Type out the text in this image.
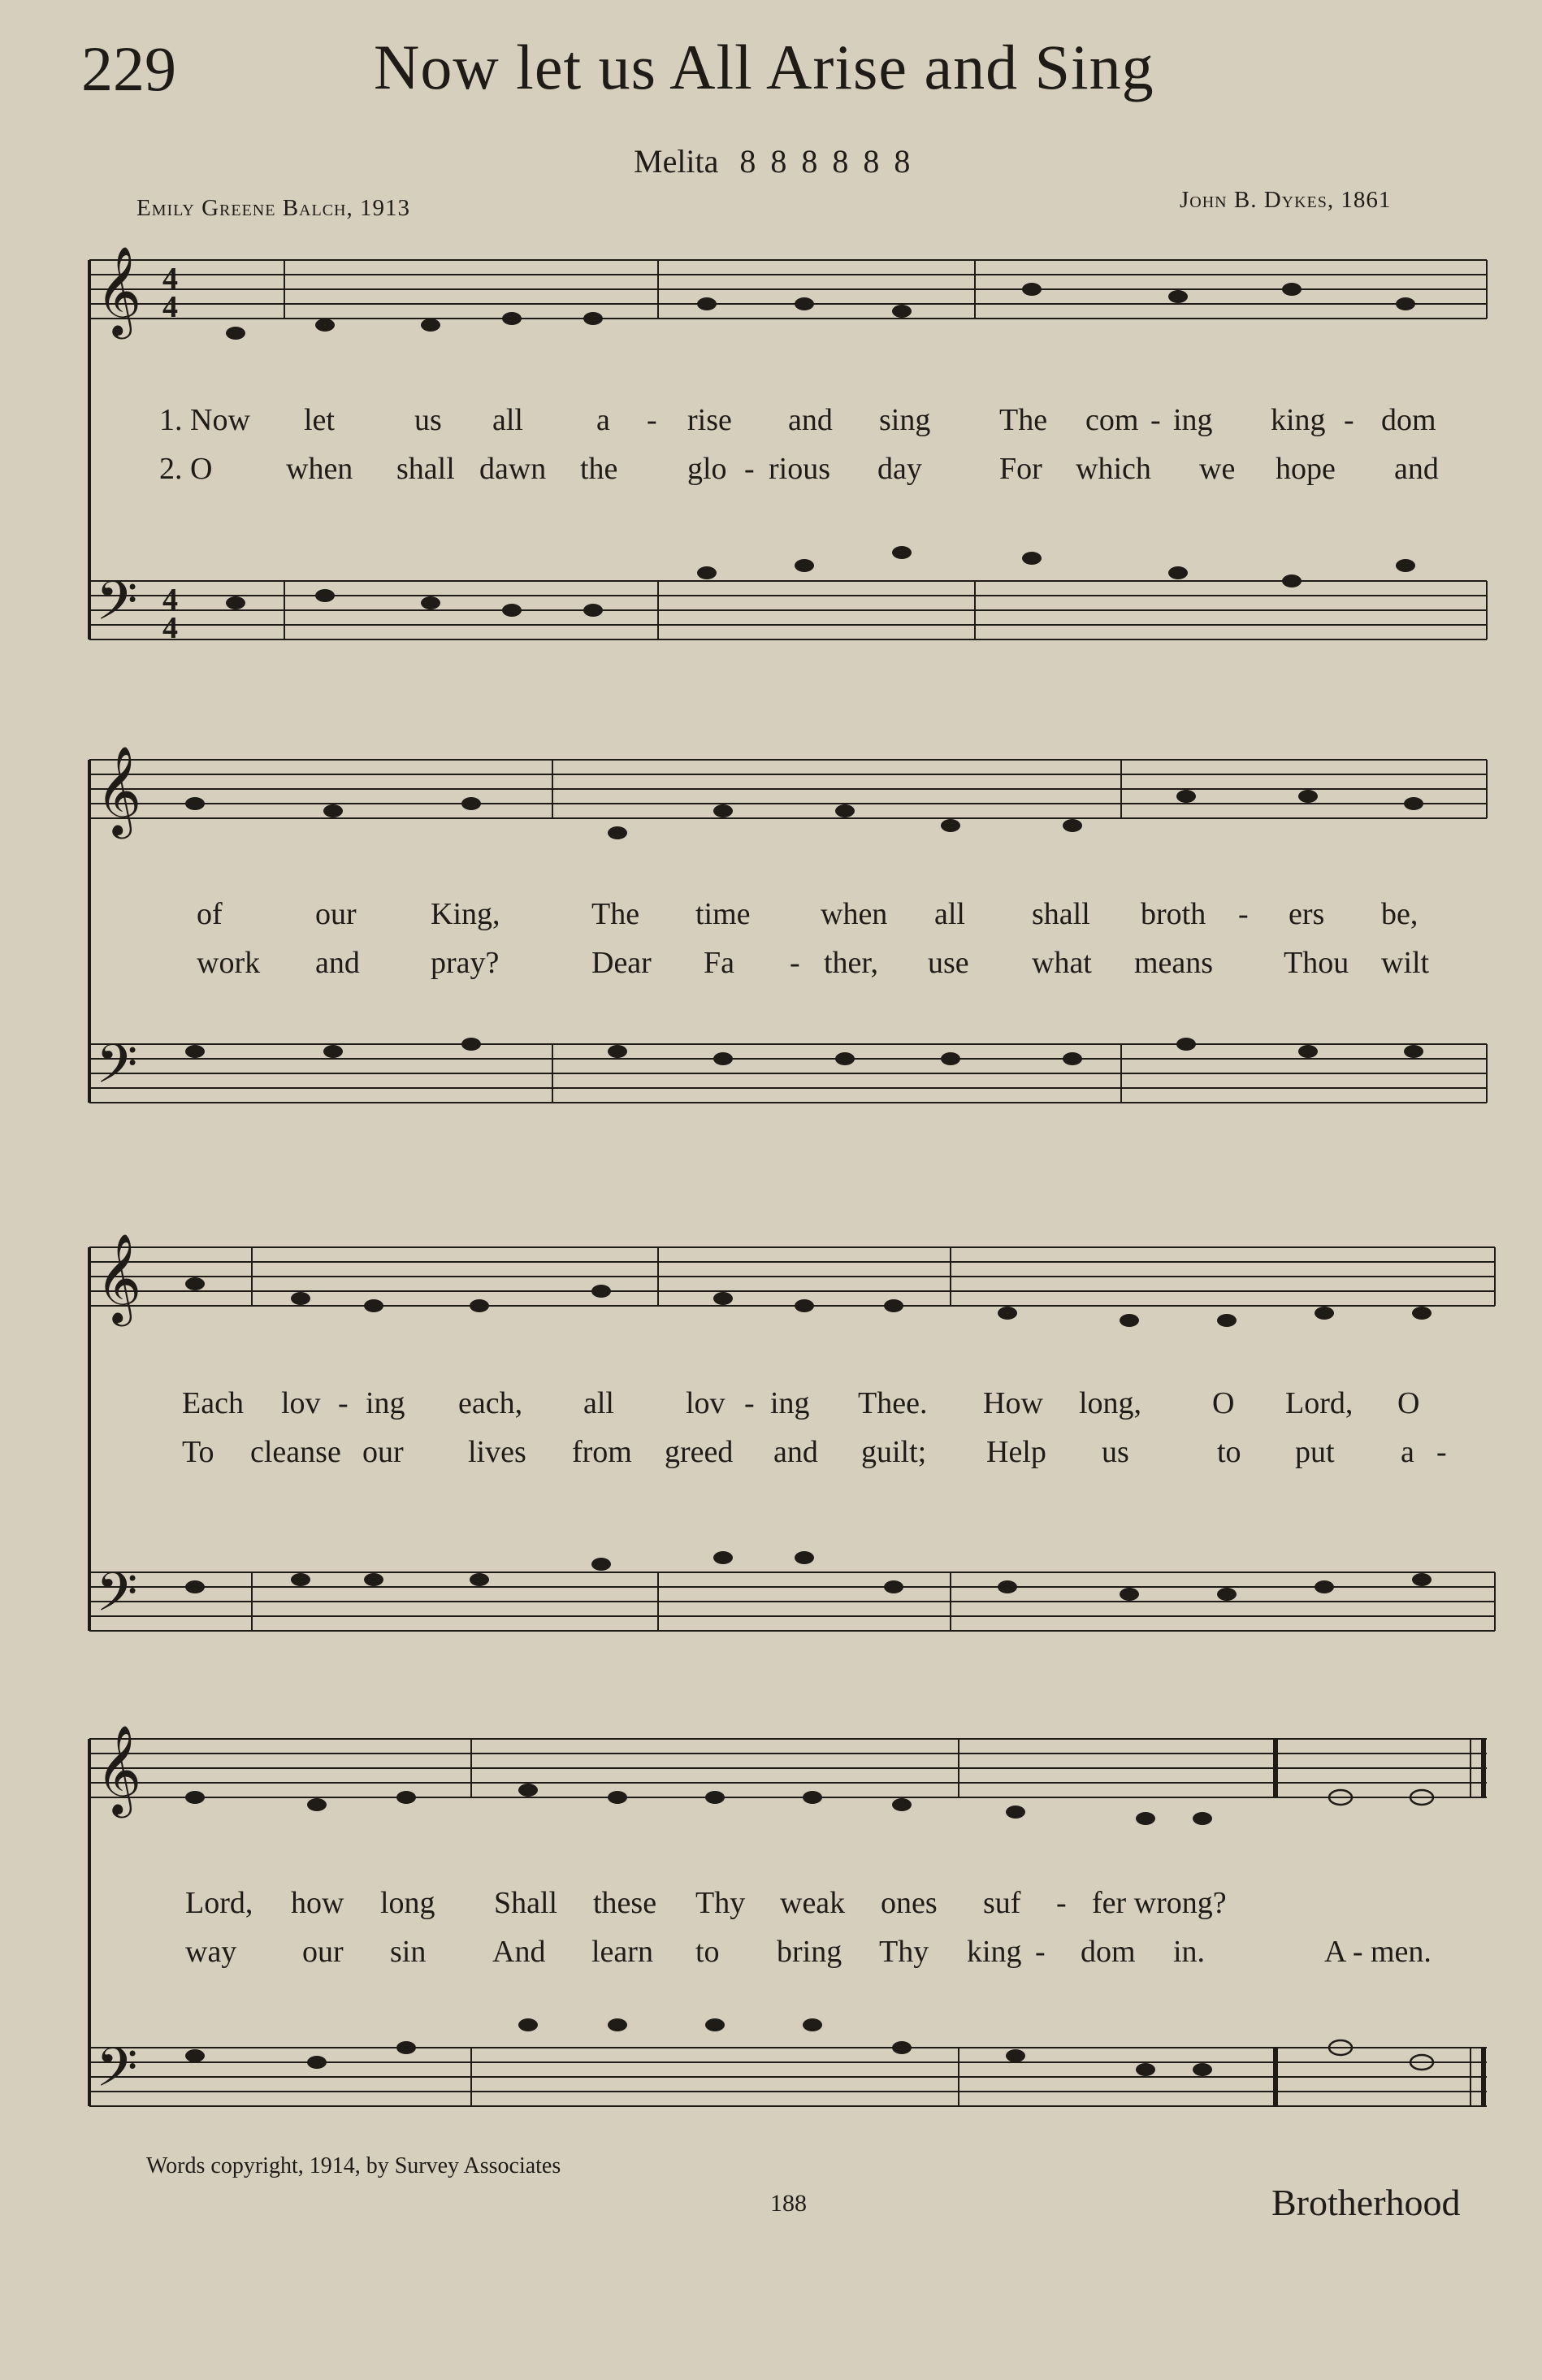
229	Now let us All Arise and Sing
Melita 8 8 8 8 8 8
Emily Greene Balch, 1913	John B. Dykes, 1861
𝄞
𝄢
4
4
4
4
1. Now let	us all a - rise and sing The com - ing king - dom
2. O when shall dawn the glo - rious day	For which we hope and
𝄞
𝄢
of	our King,	The time when all shall broth - ers be,
work and pray?	Dear Fa - ther, use what means Thou wilt
𝄞
𝄢
Each lov - ing each, all lov - ing Thee. How long, O Lord, O
To cleanse our lives from greed and guilt; Help us	to put a -
𝄞
𝄢
Lord, how long Shall these Thy weak ones suf - fer wrong?
way our sin And learn to bring Thy king - dom in.	A - men.
Words copyright, 1914, by Survey Associates
188	Brotherhood
